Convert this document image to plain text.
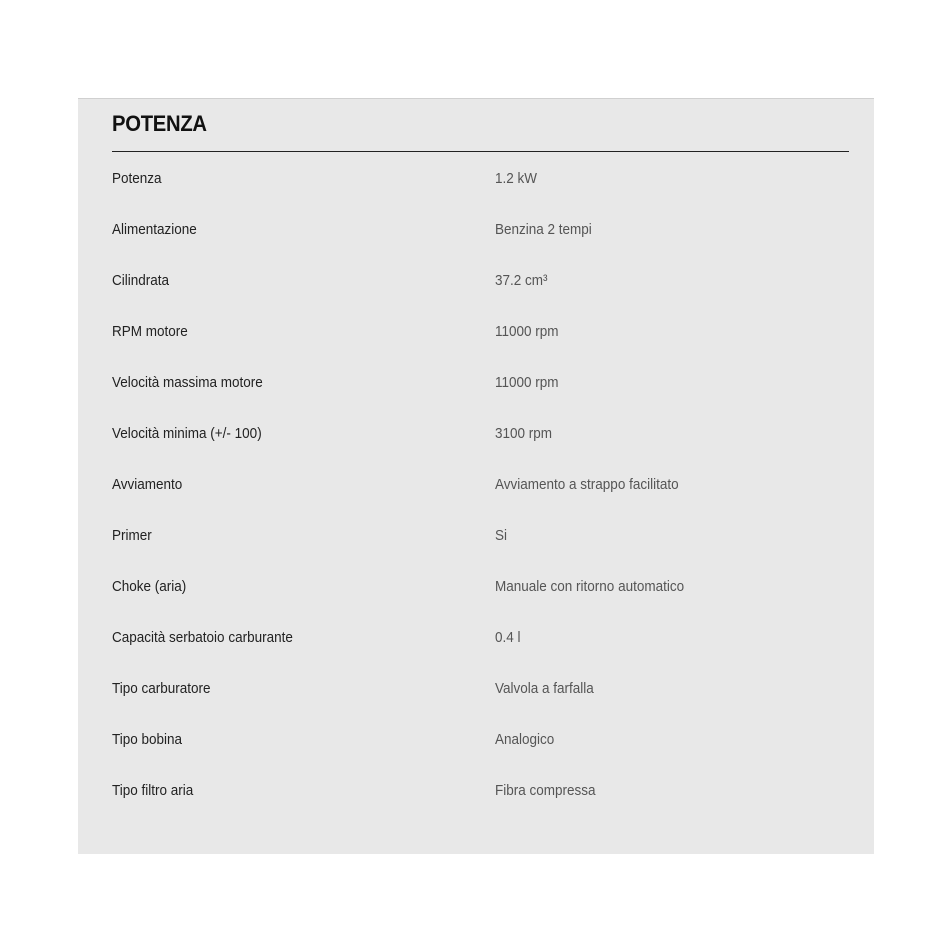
POTENZA
Potenza	1.2 kW
Alimentazione	Benzina 2 tempi
Cilindrata	37.2 cm³
RPM motore	11000 rpm
Velocità massima motore	11000 rpm
Velocità minima (+/- 100)	3100 rpm
Avviamento	Avviamento a strappo facilitato
Primer	Si
Choke (aria)	Manuale con ritorno automatico
Capacità serbatoio carburante	0.4 l
Tipo carburatore	Valvola a farfalla
Tipo bobina	Analogico
Tipo filtro aria	Fibra compressa
